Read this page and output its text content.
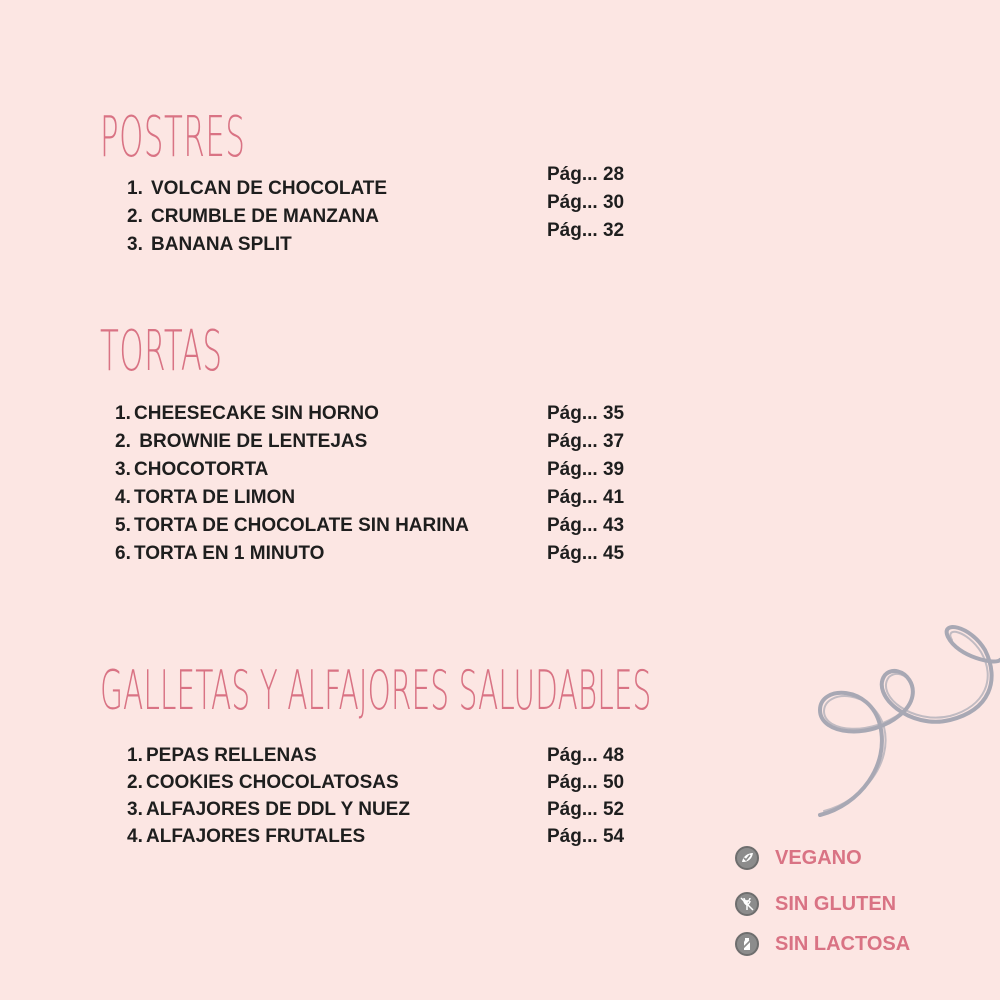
POSTRES
1. VOLCAN DE CHOCOLATE
2. CRUMBLE DE MANZANA
3. BANANA SPLIT
Pág... 28
Pág... 30
Pág... 32
TORTAS
1. CHEESECAKE SIN HORNO
2. BROWNIE DE LENTEJAS
3. CHOCOTORTA
4. TORTA DE LIMON
5. TORTA DE CHOCOLATE SIN HARINA
6. TORTA EN 1 MINUTO
Pág... 35
Pág... 37
Pág... 39
Pág... 41
Pág... 43
Pág... 45
GALLETAS Y ALFAJORES SALUDABLES
1. PEPAS RELLENAS
2. COOKIES CHOCOLATOSAS
3. ALFAJORES DE DDL Y NUEZ
4. ALFAJORES FRUTALES
Pág... 48
Pág... 50
Pág... 52
Pág... 54
VEGANO
SIN GLUTEN
SIN LACTOSA
